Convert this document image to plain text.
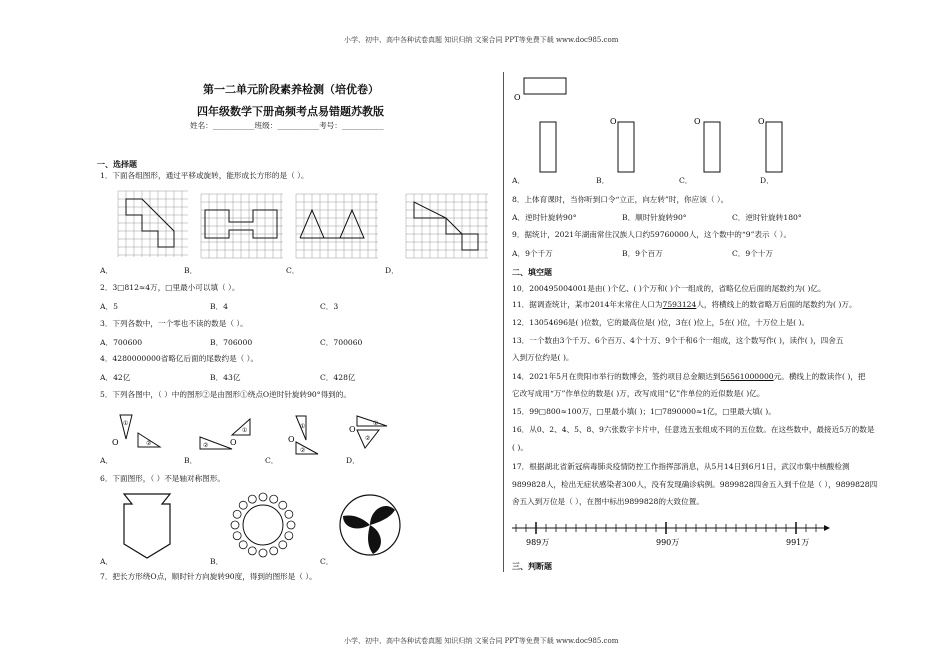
小学、初中、高中各种试卷真题 知识归纳 文案合同 PPT等免费下载 www.doc985.com
小学、初中、高中各种试卷真题 知识归纳 文案合同 PPT等免费下载 www.doc985.com
第一二单元阶段素养检测（培优卷）
四年级数学下册高频考点易错题苏教版
姓名：___________班级：___________考号：___________
一、选择题
1．下面各组图形，通过平移或旋转，能形成长方形的是（ ）。
A．	B．	C．	D．
2．3□812≈4万，□里最小可以填（ ）。
A．5	B．4	C．3
3．下列各数中，一个零也不读的数是（ ）。
A．700600	B．706000	C．700060
4．4280000000省略亿后面的尾数约是（ ）。
A．42亿	B．43亿	C．428亿
5．下列各图中，（ ）中的图形②是由图形①绕点O逆时针旋转90°得到的。
O
①
②	O
②
①
O
①
②
O
①
②
A．	B．	C．	D．
6．下面图形，（ ）不是轴对称图形。
A．	B．	C．
7．把长方形绕O点，顺时针方向旋转90度，得到的图形是（ ）。
O
O	O	O
A．	B．	C．	D．
8．上体育课时，当你听到口令“立正，向左转”时，你应该（ ）。
A．逆时针旋转90°	B．顺时针旋转90°	C．逆时针旋转180°
9．据统计，2021年湖南常住汉族人口约59760000人，这个数中的“9”表示（ ）。
A．9个千万	B．9个百万	C．9个十万
二、填空题
10．200495004001是由( )个亿、( )个万和( )个一组成的，省略亿位后面的尾数约为( )亿。
11．据调查统计，某市2014年末常住人口为7593124人，将横线上的数省略万后面的尾数约为( )万。
12．13054696是( )位数，它的最高位是( )位，3在( )位上，5在( )位，十万位上是( )。
13．一个数由3个千万、6个百万、4个十万、9个千和6个一组成，这个数写作( )，读作( )，四舍五
入到万位约是( )。
14．2021年5月在贵阳市举行的数博会，签约项目总金额达到56561000000元。横线上的数读作( )，把
它改写成用“万”作单位的数是( )万，改写成用“亿”作单位的近似数是( )亿。
15．99□800≈100万，□里最小填( )；1□7890000≈1亿，□里最大填( )。
16．从0、2、4、5、8、9六张数字卡片中，任意选五张组成不同的五位数。在这些数中，最接近5万的数是
( )。
17．根据湖北省新冠病毒肺炎疫情防控工作指挥部消息，从5月14日到6月1日，武汉市集中核酸检测
9899828人，检出无症状感染者300人，没有发现确诊病例。9899828四舍五入到千位是（ ），9899828四
舍五入到万位是（ ），在图中标出9899828的大致位置。
989万	990万	991万
三、判断题
